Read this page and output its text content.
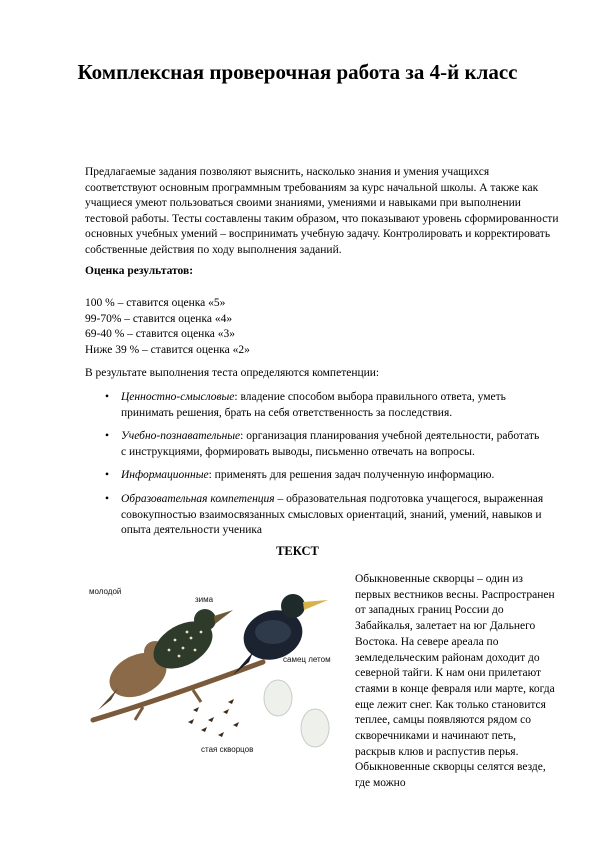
Комплексная проверочная работа за 4-й класс

Предлагаемые задания позволяют выяснить, насколько знания и умения учащихся соответствуют основным программным требованиям за курс начальной школы. А также как учащиеся умеют пользоваться своими знаниями, умениями и навыками при выполнении тестовой работы. Тесты составлены таким образом, что показывают уровень сформированности основных учебных умений – воспринимать учебную задачу. Контролировать и корректировать собственные действия по ходу выполнения заданий.

Оценка результатов:

100 % – ставится оценка «5»
99-70% – ставится оценка «4»
69-40 % – ставится оценка «3»
Ниже 39 % – ставится оценка «2»

В результате выполнения теста определяются компетенции:

• Ценностно-смысловые: владение способом выбора правильного ответа, уметь принимать решения, брать на себя ответственность за последствия.
• Учебно-познавательные: организация планирования учебной деятельности, работать с инструкциями, формировать выводы, письменно отвечать на вопросы.
• Информационные: применять для решения задач полученную информацию.
• Образовательная компетенция – образовательная подготовка учащегося, выраженная совокупностью взаимосвязанных смысловых ориентаций, знаний, умений, навыков и опыта деятельности ученика
ТЕКСТ
молодой
зима
самец летом
стая скворцов

Обыкновенные скворцы – один из первых вестников весны. Распространен от западных границ России до Забайкалья, залетает на юг Дальнего Востока. На севере ареала по земледельческим районам доходит до северной тайги. К нам они прилетают стаями в конце февраля или марте, когда еще лежит снег. Как только становится теплее, самцы появляются рядом со скворечниками и начинают петь, раскрыв клюв и распустив перья. Обыкновенные скворцы селятся везде, где можно
